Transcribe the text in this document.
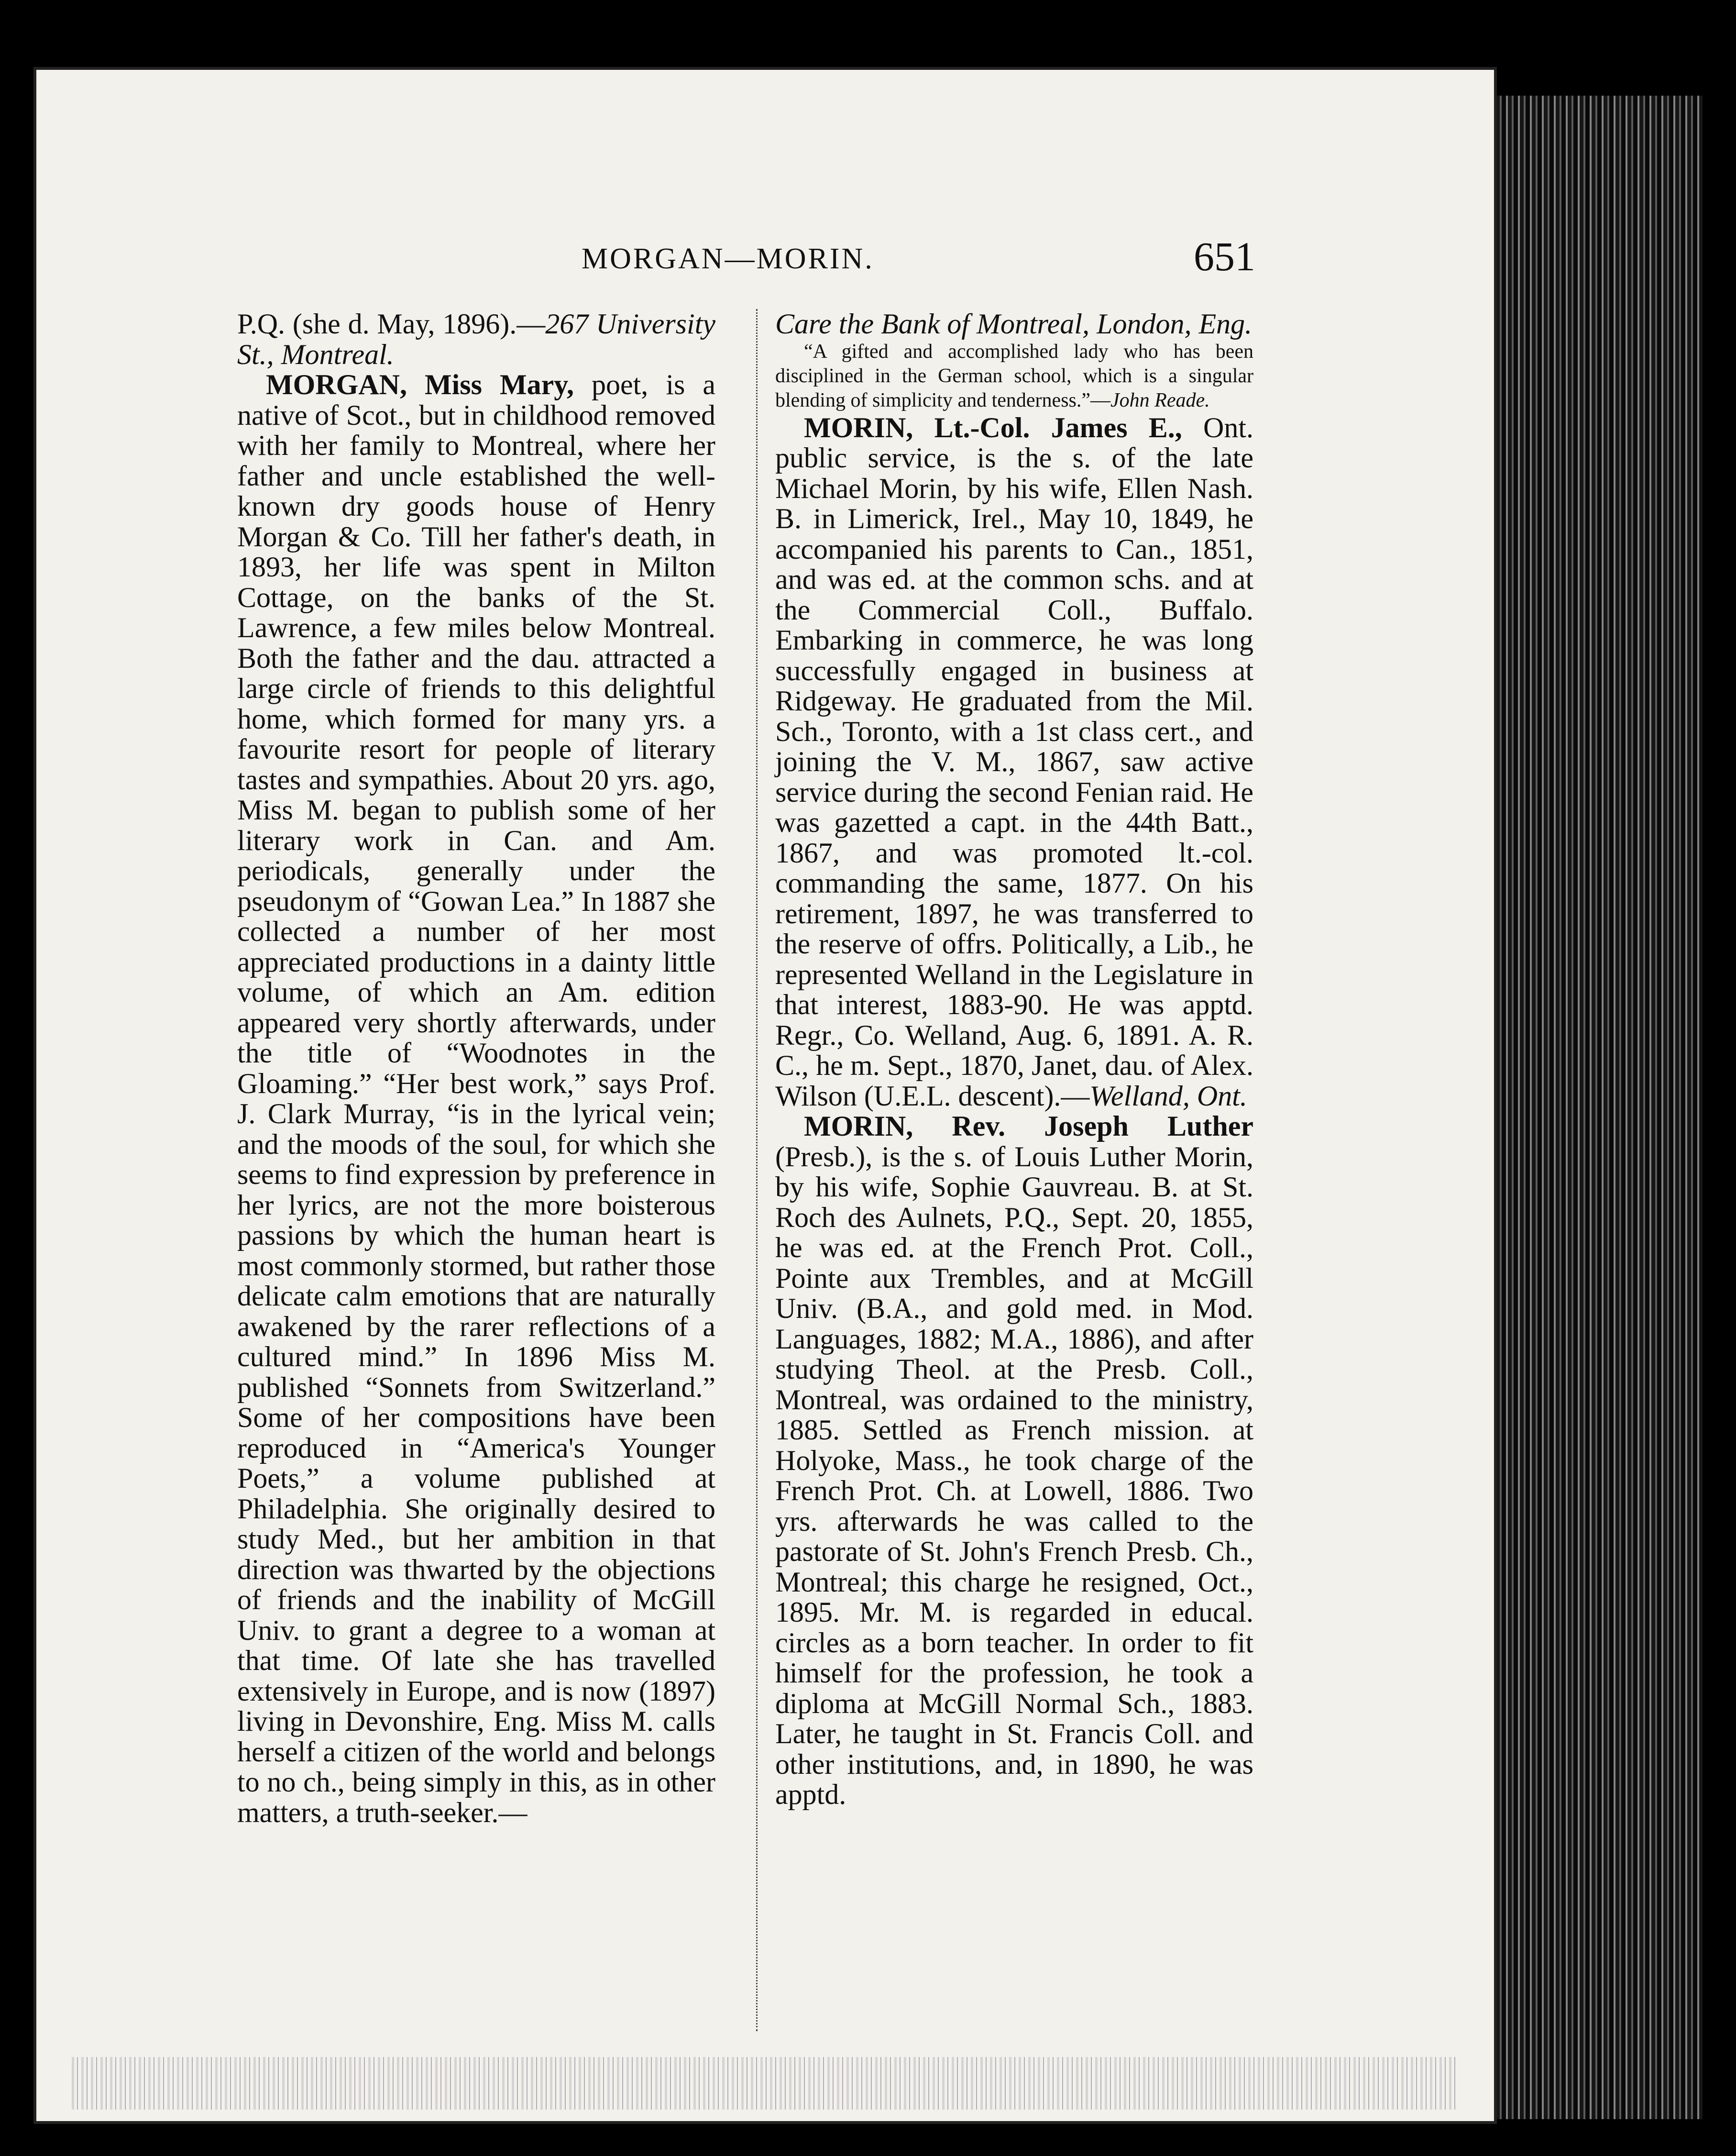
MORGAN—MORIN.	651

P.Q. (she d. May, 1896).—267 University St., Montreal.

MORGAN, Miss Mary, poet, is a native of Scot., but in childhood removed with her family to Montreal, where her father and uncle established the well-known dry goods house of Henry Morgan & Co. Till her father's death, in 1893, her life was spent in Milton Cottage, on the banks of the St. Lawrence, a few miles below Montreal. Both the father and the dau. attracted a large circle of friends to this delightful home, which formed for many yrs. a favourite resort for people of literary tastes and sympathies. About 20 yrs. ago, Miss M. began to publish some of her literary work in Can. and Am. periodicals, generally under the pseudonym of “Gowan Lea.” In 1887 she collected a number of her most appreciated productions in a dainty little volume, of which an Am. edition appeared very shortly afterwards, under the title of “Woodnotes in the Gloaming.” “Her best work,” says Prof. J. Clark Murray, “is in the lyrical vein; and the moods of the soul, for which she seems to find expression by preference in her lyrics, are not the more boisterous passions by which the human heart is most commonly stormed, but rather those delicate calm emotions that are naturally awakened by the rarer reflections of a cultured mind.” In 1896 Miss M. published “Sonnets from Switzerland.” Some of her compositions have been reproduced in “America's Younger Poets,” a volume published at Philadelphia. She originally desired to study Med., but her ambition in that direction was thwarted by the objections of friends and the inability of McGill Univ. to grant a degree to a woman at that time. Of late she has travelled extensively in Europe, and is now (1897) living in Devonshire, Eng. Miss M. calls herself a citizen of the world and belongs to no ch., being simply in this, as in other matters, a truth-seeker.—

Care the Bank of Montreal, London, Eng.

“A gifted and accomplished lady who has been disciplined in the German school, which is a singular blending of simplicity and tenderness.”—John Reade.

MORIN, Lt.-Col. James E., Ont. public service, is the s. of the late Michael Morin, by his wife, Ellen Nash. B. in Limerick, Irel., May 10, 1849, he accompanied his parents to Can., 1851, and was ed. at the common schs. and at the Commercial Coll., Buffalo. Embarking in commerce, he was long successfully engaged in business at Ridgeway. He graduated from the Mil. Sch., Toronto, with a 1st class cert., and joining the V. M., 1867, saw active service during the second Fenian raid. He was gazetted a capt. in the 44th Batt., 1867, and was promoted lt.-col. commanding the same, 1877. On his retirement, 1897, he was transferred to the reserve of offrs. Politically, a Lib., he represented Welland in the Legislature in that interest, 1883-90. He was apptd. Regr., Co. Welland, Aug. 6, 1891. A. R. C., he m. Sept., 1870, Janet, dau. of Alex. Wilson (U.E.L. descent).—Welland, Ont.

MORIN, Rev. Joseph Luther (Presb.), is the s. of Louis Luther Morin, by his wife, Sophie Gauvreau. B. at St. Roch des Aulnets, P.Q., Sept. 20, 1855, he was ed. at the French Prot. Coll., Pointe aux Trembles, and at McGill Univ. (B.A., and gold med. in Mod. Languages, 1882; M.A., 1886), and after studying Theol. at the Presb. Coll., Montreal, was ordained to the ministry, 1885. Settled as French mission. at Holyoke, Mass., he took charge of the French Prot. Ch. at Lowell, 1886. Two yrs. afterwards he was called to the pastorate of St. John's French Presb. Ch., Montreal; this charge he resigned, Oct., 1895. Mr. M. is regarded in educal. circles as a born teacher. In order to fit himself for the profession, he took a diploma at McGill Normal Sch., 1883. Later, he taught in St. Francis Coll. and other institutions, and, in 1890, he was apptd.
